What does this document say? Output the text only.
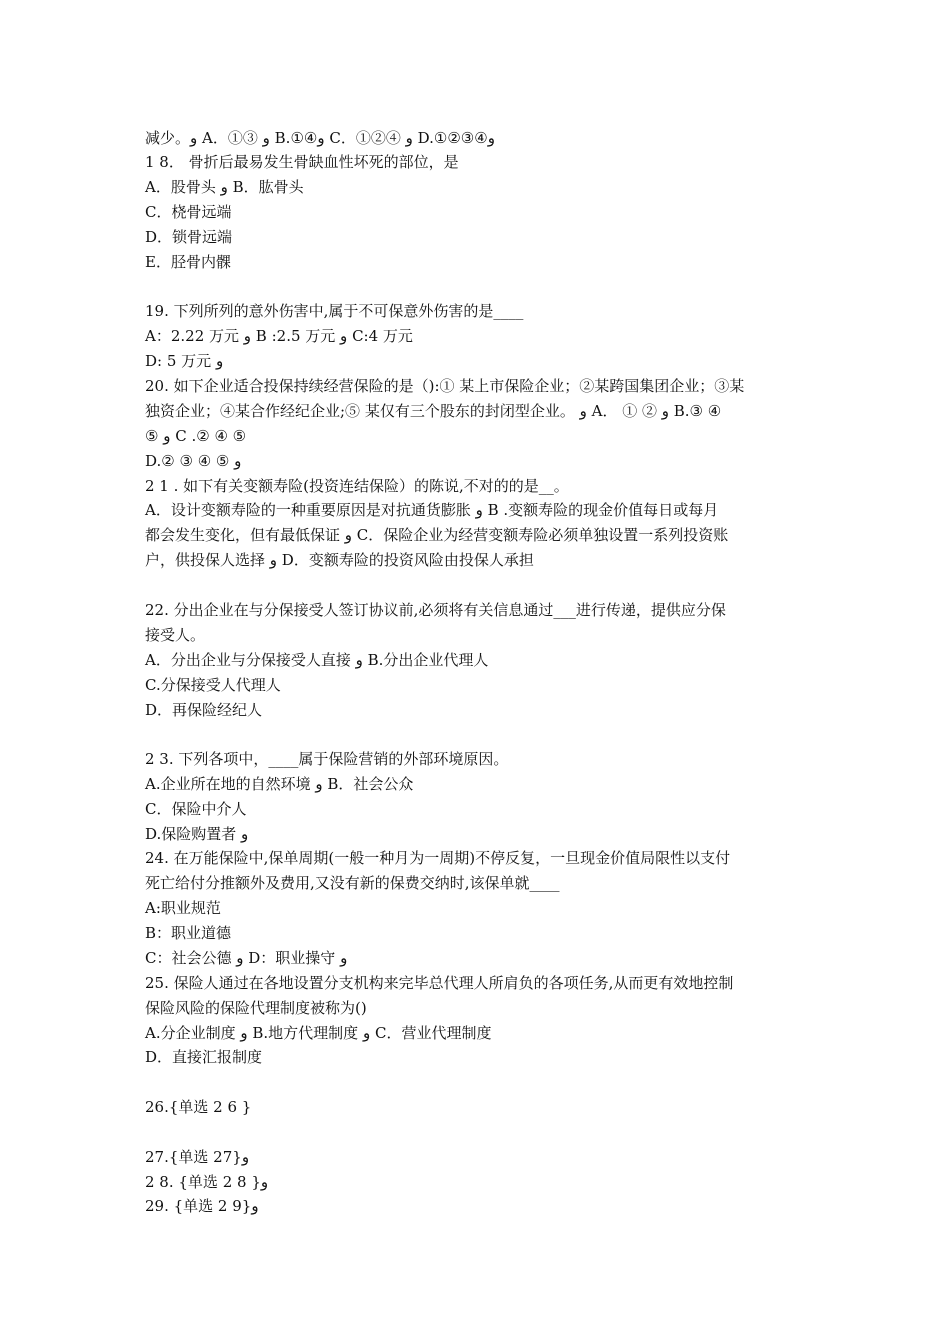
减少。و A．①③ و B.①④و C．①②④ و D.①②③④و
1 8． 骨折后最易发生骨缺血性坏死的部位，是
A．股骨头 و B．肱骨头
C．桡骨远端
D．锁骨远端
E．胫骨内髁
19. 下列所列的意外伤害中,属于不可保意外伤害的是____
A：2.22 万元 و B :2.5 万元 و C:4 万元
D: 5 万元 و
20. 如下企业适合投保持续经营保险的是（):① 某上市保险企业；②某跨国集团企业；③某
独资企业；④某合作经纪企业;⑤ 某仅有三个股东的封闭型企业。 و A． ① ② و B.③ ④
⑤ و C .② ④ ⑤
D.② ③ ④ ⑤ و
2 1 . 如下有关变额寿险(投资连结保险）的陈说,不对的的是__。
A．设计变额寿险的一种重要原因是对抗通货膨胀 و B .变额寿险的现金价值每日或每月
都会发生变化，但有最低保证 و C．保险企业为经营变额寿险必须单独设置一系列投资账
户，供投保人选择 و D．变额寿险的投资风险由投保人承担
22. 分出企业在与分保接受人签订协议前,必须将有关信息通过___进行传递，提供应分保
接受人。
A．分出企业与分保接受人直接 و B.分出企业代理人
C.分保接受人代理人
D．再保险经纪人
2 3. 下列各项中，____属于保险营销的外部环境原因。
A.企业所在地的自然环境 و B．社会公众
C．保险中介人
D.保险购置者 و
24. 在万能保险中,保单周期(一般一种月为一周期)不停反复，一旦现金价值局限性以支付
死亡给付分推额外及费用,又没有新的保费交纳时,该保单就____
A:职业规范
B：职业道德
C：社会公德 و D：职业操守 و
25. 保险人通过在各地设置分支机构来完毕总代理人所肩负的各项任务,从而更有效地控制
保险风险的保险代理制度被称为()
A.分企业制度 و B.地方代理制度 و C．营业代理制度
D．直接汇报制度
26.{单选 2 6 }
27.{单选 27}و
2 8. {单选 2 8 }و
29. {单选 2 9}و
